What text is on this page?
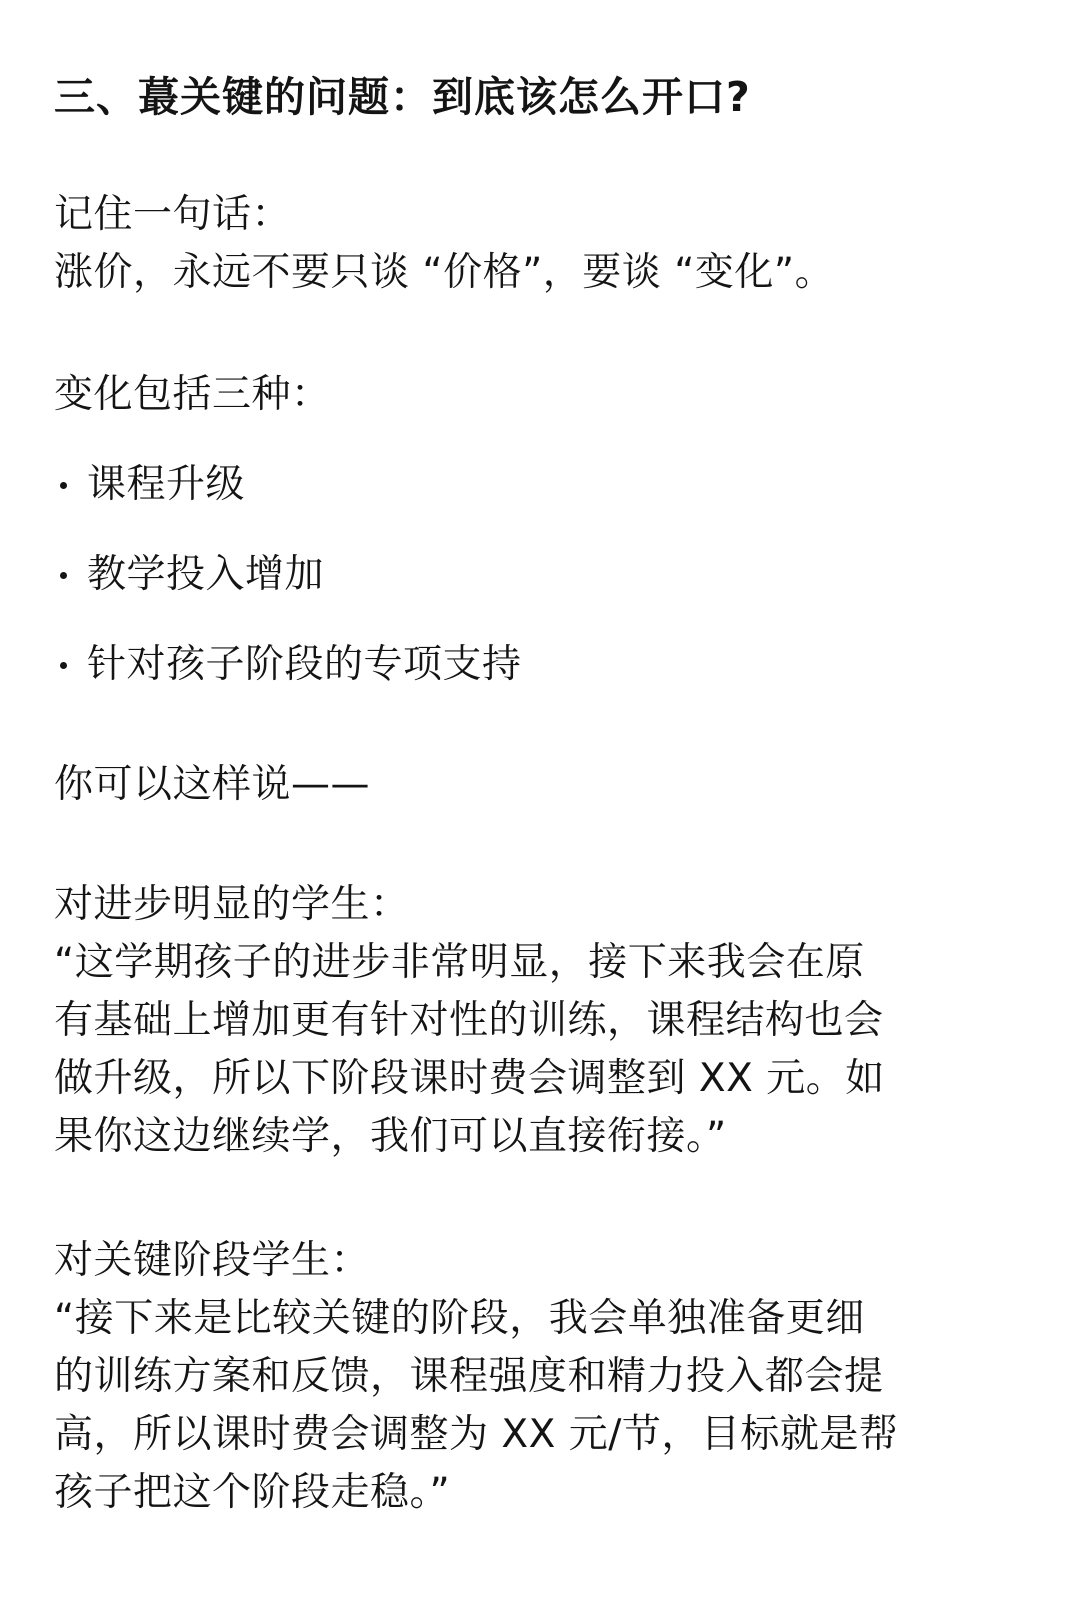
三、蕞关键的问题：到底该怎么开口?
记住一句话：
涨价，永远不要只谈 “价格”，要谈 “变化”。
变化包括三种：
课程升级
教学投入增加
针对孩子阶段的专项支持
你可以这样说——
对进步明显的学生：
“这学期孩子的进步非常明显，接下来我会在原
有基础上增加更有针对性的训练，课程结构也会
做升级，所以下阶段课时费会调整到 XX 元。如
果你这边继续学，我们可以直接衔接。”
对关键阶段学生：
“接下来是比较关键的阶段，我会单独准备更细
的训练方案和反馈，课程强度和精力投入都会提
高，所以课时费会调整为 XX 元/节，目标就是帮
孩子把这个阶段走稳。”
